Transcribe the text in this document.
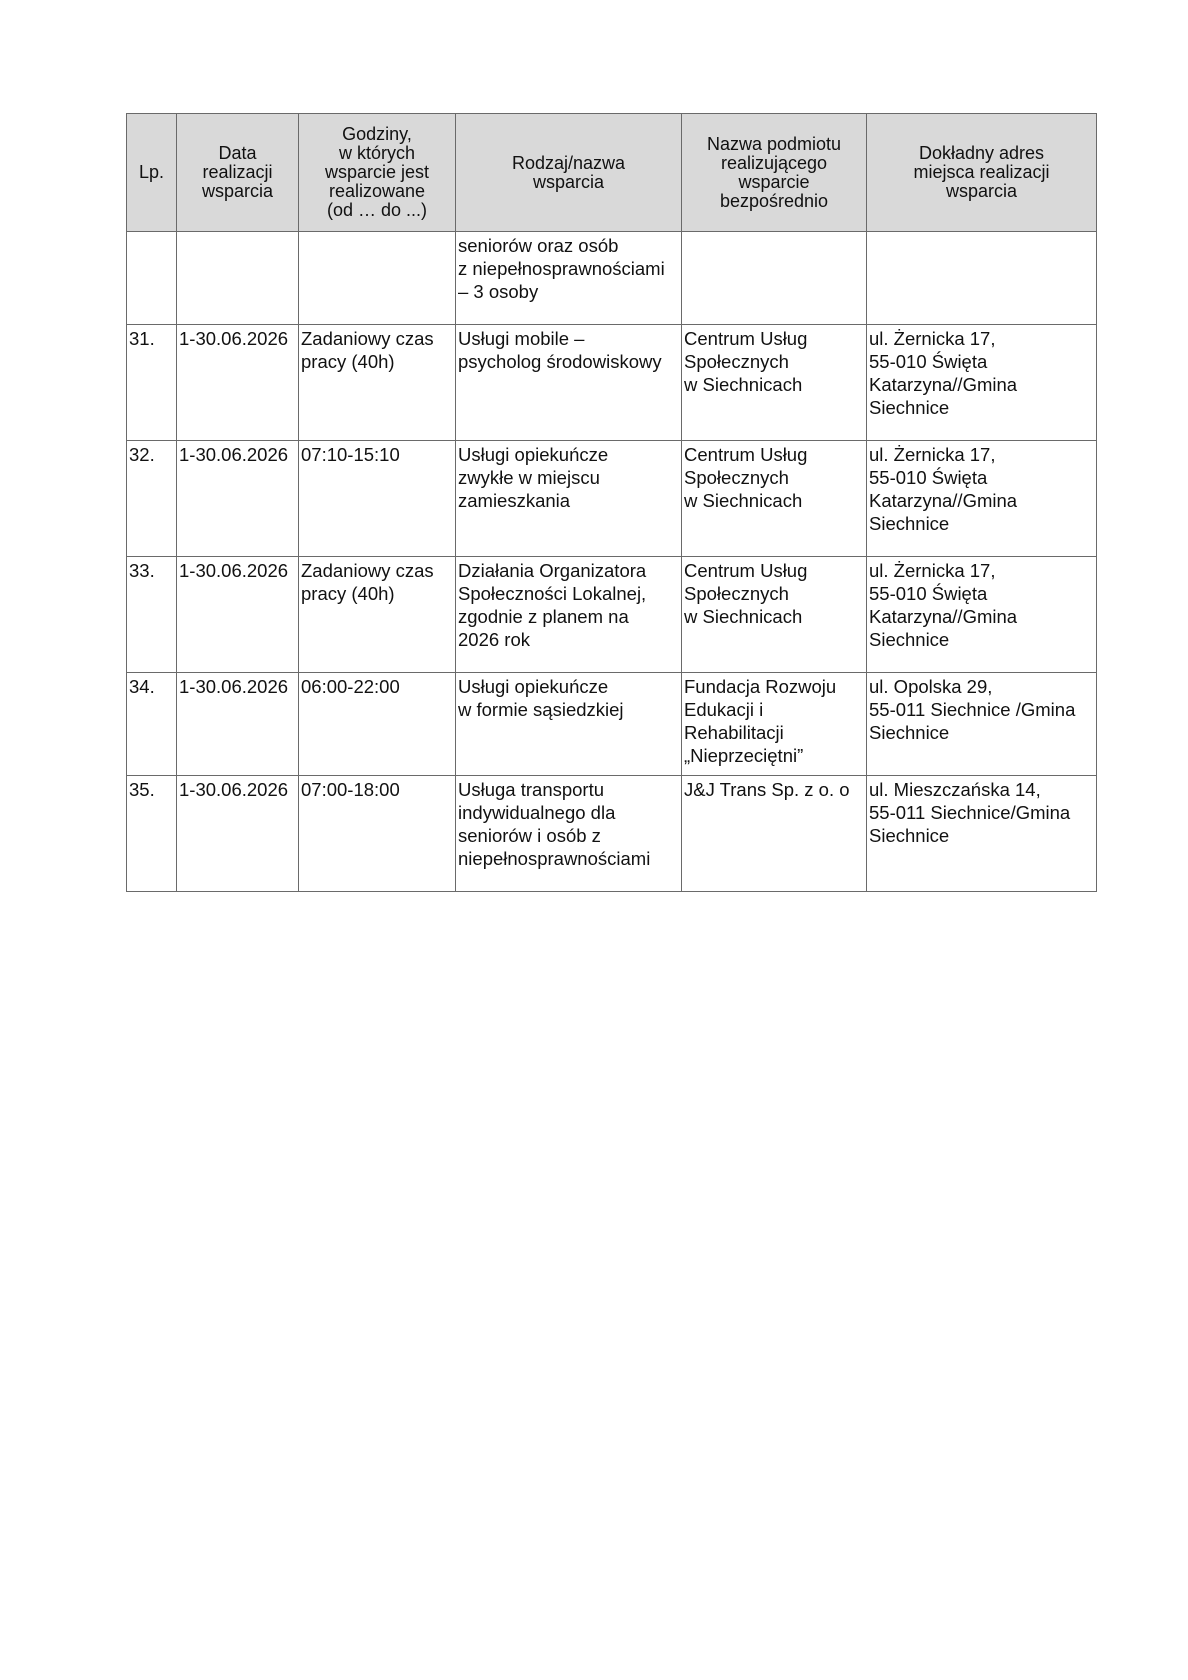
Lp.	Data
realizacji
wsparcia	Godziny,
w których
wsparcie jest
realizowane
(od … do ...)	Rodzaj/nazwa
wsparcia	Nazwa podmiotu
realizującego
wsparcie
bezpośrednio	Dokładny adres
miejsca realizacji
wsparcia
			seniorów oraz osób
z niepełnosprawnościami
– 3 osoby		
31.	1-30.06.2026	Zadaniowy czas
pracy (40h)	Usługi mobile –
psycholog środowiskowy	Centrum Usług
Społecznych
w Siechnicach	ul. Żernicka 17,
55-010 Święta
Katarzyna//Gmina
Siechnice
32.	1-30.06.2026	07:10-15:10	Usługi opiekuńcze
zwykłe w miejscu
zamieszkania	Centrum Usług
Społecznych
w Siechnicach	ul. Żernicka 17,
55-010 Święta
Katarzyna//Gmina
Siechnice
33.	1-30.06.2026	Zadaniowy czas
pracy (40h)	Działania Organizatora
Społeczności Lokalnej,
zgodnie z planem na
2026 rok	Centrum Usług
Społecznych
w Siechnicach	ul. Żernicka 17,
55-010 Święta
Katarzyna//Gmina
Siechnice
34.	1-30.06.2026	06:00-22:00	Usługi opiekuńcze
w formie sąsiedzkiej	Fundacja Rozwoju
Edukacji i
Rehabilitacji
„Nieprzeciętni”	ul. Opolska 29,
55-011 Siechnice /Gmina
Siechnice
35.	1-30.06.2026	07:00-18:00	Usługa transportu
indywidualnego dla
seniorów i osób z
niepełnosprawnościami	J&J Trans Sp. z o. o	ul. Mieszczańska 14,
55-011 Siechnice/Gmina
Siechnice
